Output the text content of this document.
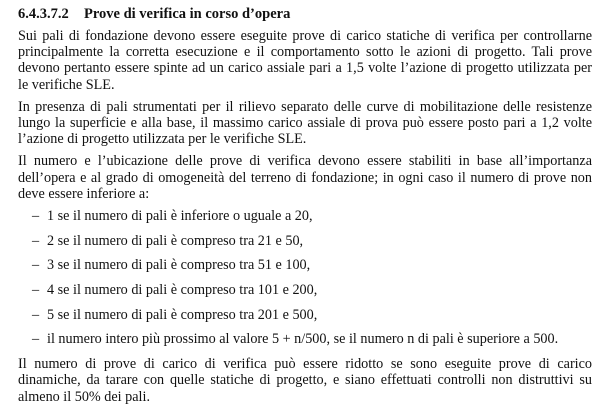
6.4.3.7.2 Prove di verifica in corso d’opera

Sui pali di fondazione devono essere eseguite prove di carico statiche di verifica per controllarne principalmente la corretta esecuzione e il comportamento sotto le azioni di progetto. Tali prove devono pertanto essere spinte ad un carico assiale pari a 1,5 volte l’azione di progetto utilizzata per le verifiche SLE.

In presenza di pali strumentati per il rilievo separato delle curve di mobilitazione delle resistenze lungo la superficie e alla base, il massimo carico assiale di prova può essere posto pari a 1,2 volte l’azione di progetto utilizzata per le verifiche SLE.

Il numero e l’ubicazione delle prove di verifica devono essere stabiliti in base all’importanza dell’opera e al grado di omogeneità del terreno di fondazione; in ogni caso il numero di prove non deve essere inferiore a:

– 1 se il numero di pali è inferiore o uguale a 20,
– 2 se il numero di pali è compreso tra 21 e 50,
– 3 se il numero di pali è compreso tra 51 e 100,
– 4 se il numero di pali è compreso tra 101 e 200,
– 5 se il numero di pali è compreso tra 201 e 500,
– il numero intero più prossimo al valore 5 + n/500, se il numero n di pali è superiore a 500.

Il numero di prove di carico di verifica può essere ridotto se sono eseguite prove di carico dinamiche, da tarare con quelle statiche di progetto, e siano effettuati controlli non distruttivi su almeno il 50% dei pali.
